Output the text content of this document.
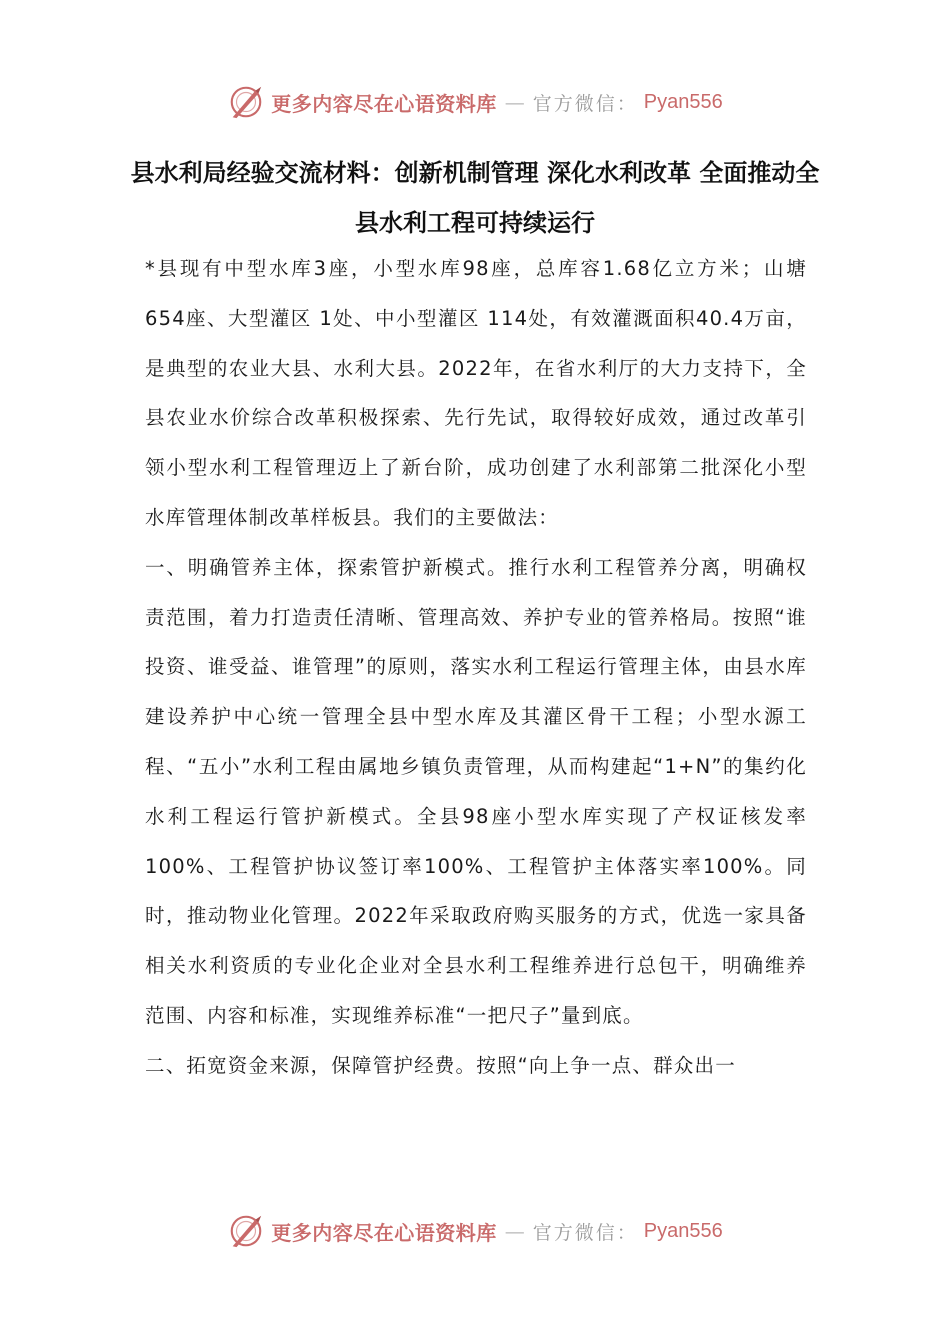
更多内容尽在心语资料库 — 官方微信： Pyan556
县水利局经验交流材料：创新机制管理 深化水利改革 全面推动全县水利工程可持续运行

*县现有中型水库3座，小型水库98座，总库容1.68亿立方米；山塘 654座、大型灌区 1处、中小型灌区 114处，有效灌溉面积40.4万亩，是典型的农业大县、水利大县。2022年，在省水利厅的大力支持下，全县农业水价综合改革积极探索、先行先试，取得较好成效，通过改革引领小型水利工程管理迈上了新台阶，成功创建了水利部第二批深化小型水库管理体制改革样板县。我们的主要做法：

一、明确管养主体，探索管护新模式。推行水利工程管养分离，明确权责范围，着力打造责任清晰、管理高效、养护专业的管养格局。按照“谁投资、谁受益、谁管理”的原则，落实水利工程运行管理主体，由县水库建设养护中心统一管理全县中型水库及其灌区骨干工程；小型水源工程、“五小”水利工程由属地乡镇负责管理，从而构建起“1+N”的集约化水利工程运行管护新模式。全县98座小型水库实现了产权证核发率100%、工程管护协议签订率100%、工程管护主体落实率100%。同时，推动物业化管理。2022年采取政府购买服务的方式，优选一家具备相关水利资质的专业化企业对全县水利工程维养进行总包干，明确维养范围、内容和标准，实现维养标准“一把尺子”量到底。

二、拓宽资金来源，保障管护经费。按照“向上争一点、群众出一

更多内容尽在心语资料库 — 官方微信： Pyan556
